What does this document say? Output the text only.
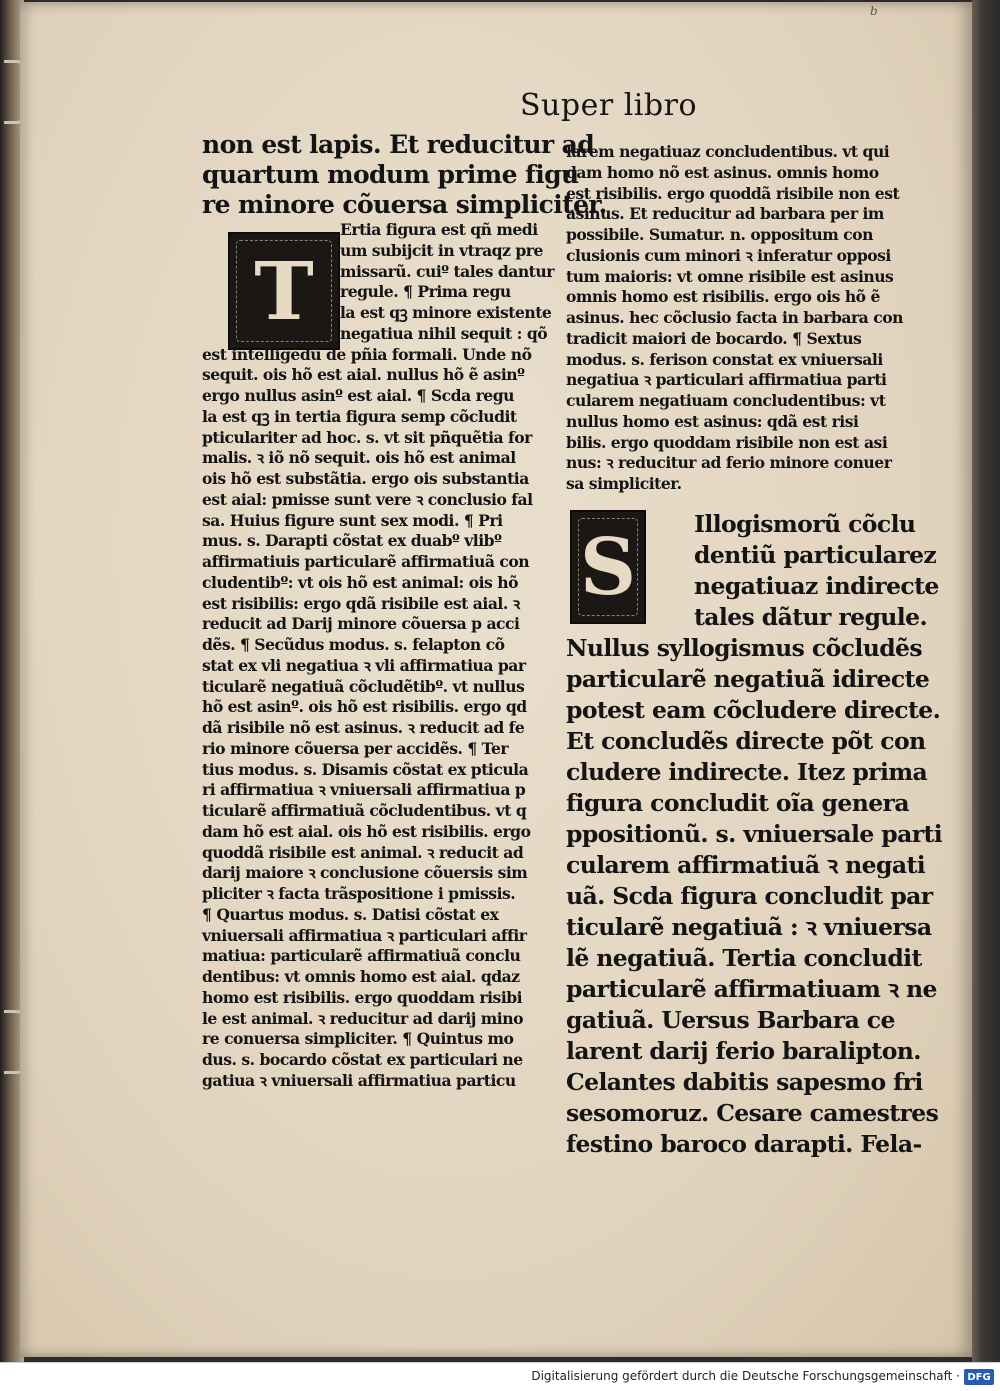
b
Super libro
T
S
non est lapis. Et reducitur ad
quartum modum prime figu
re minore cõuersa simpliciter.
Ertia figura est qñ medi
um subijcit in vtraqz pre
missarũ. cuiº tales dantur
regule. ¶ Prima regu
la est qꝫ minore existente
negatiua nihil sequit : qõ
est intelligẽdũ de pñia formali. Unde nõ
sequit. ois hõ est aial. nullus hõ ẽ asinº
ergo nullus asinº est aial. ¶ Scda regu
la est qꝫ in tertia figura semp cõcludit
pticulariter ad hoc. s. vt sit pñquẽtia for
malis. ꝛ iõ nõ sequit. ois hõ est animal
ois hõ est substãtia. ergo ois substantia
est aial: pmisse sunt vere ꝛ conclusio fal
sa. Huius figure sunt sex modi. ¶ Pri
mus. s. Darapti cõstat ex duabº vlibº
affirmatiuis particularẽ affirmatiuã con
cludentibº: vt ois hõ est animal: ois hõ
est risibilis: ergo qdã risibile est aial. ꝛ
reducit ad Darij minore cõuersa p acci
dẽs. ¶ Secũdus modus. s. felapton cõ
stat ex vli negatiua ꝛ vli affirmatiua par
ticularẽ negatiuã cõcludẽtibº. vt nullus
hõ est asinº. ois hõ est risibilis. ergo qd
dã risibile nõ est asinus. ꝛ reducit ad fe
rio minore cõuersa per accidẽs. ¶ Ter
tius modus. s. Disamis cõstat ex pticula
ri affirmatiua ꝛ vniuersali affirmatiua p
ticularẽ affirmatiuã cõcludentibus. vt q
dam hõ est aial. ois hõ est risibilis. ergo
quoddã risibile est animal. ꝛ reducit ad
darij maiore ꝛ conclusione cõuersis sim
pliciter ꝛ facta trãspositione i pmissis.
¶ Quartus modus. s. Datisi cõstat ex
vniuersali affirmatiua ꝛ particulari affir
matiua: particularẽ affirmatiuã conclu
dentibus: vt omnis homo est aial. qdaz
homo est risibilis. ergo quoddam risibi
le est animal. ꝛ reducitur ad darij mino
re conuersa simpliciter. ¶ Quintus mo
dus. s. bocardo cõstat ex particulari ne
gatiua ꝛ vniuersali affirmatiua particu
larem negatiuaz concludentibus. vt qui
dam homo nõ est asinus. omnis homo
est risibilis. ergo quoddã risibile non est
asinus. Et reducitur ad barbara per im
possibile. Sumatur. n. oppositum con
clusionis cum minori ꝛ inferatur opposi
tum maioris: vt omne risibile est asinus
omnis homo est risibilis. ergo ois hõ ẽ
asinus. hec cõclusio facta in barbara con
tradicit maiori de bocardo. ¶ Sextus
modus. s. ferison constat ex vniuersali
negatiua ꝛ particulari affirmatiua parti
cularem negatiuam concludentibus: vt
nullus homo est asinus: qdã est risi
bilis. ergo quoddam risibile non est asi
nus: ꝛ reducitur ad ferio minore conuer
sa simpliciter.
Illogismorũ cõclu
dentiũ particularez
negatiuaz indirecte
tales dãtur regule.
Nullus syllogismus cõcludẽs
particularẽ negatiuã idirecte
potest eam cõcludere directe.
Et concludẽs directe põt con
cludere indirecte. Itez prima
figura concludit oĩa genera
ppositionũ. s. vniuersale parti
cularem affirmatiuã ꝛ negati
uã. Scda figura concludit par
ticularẽ negatiuã : ꝛ vniuersa
lẽ negatiuã. Tertia concludit
particularẽ affirmatiuam ꝛ ne
gatiuã. Uersus Barbara ce
larent darij ferio baralipton.
Celantes dabitis sapesmo fri
sesomoruz. Cesare camestres
festino baroco darapti. Fela-
Digitalisierung gefördert durch die Deutsche Forschungsgemeinschaft · DFG
